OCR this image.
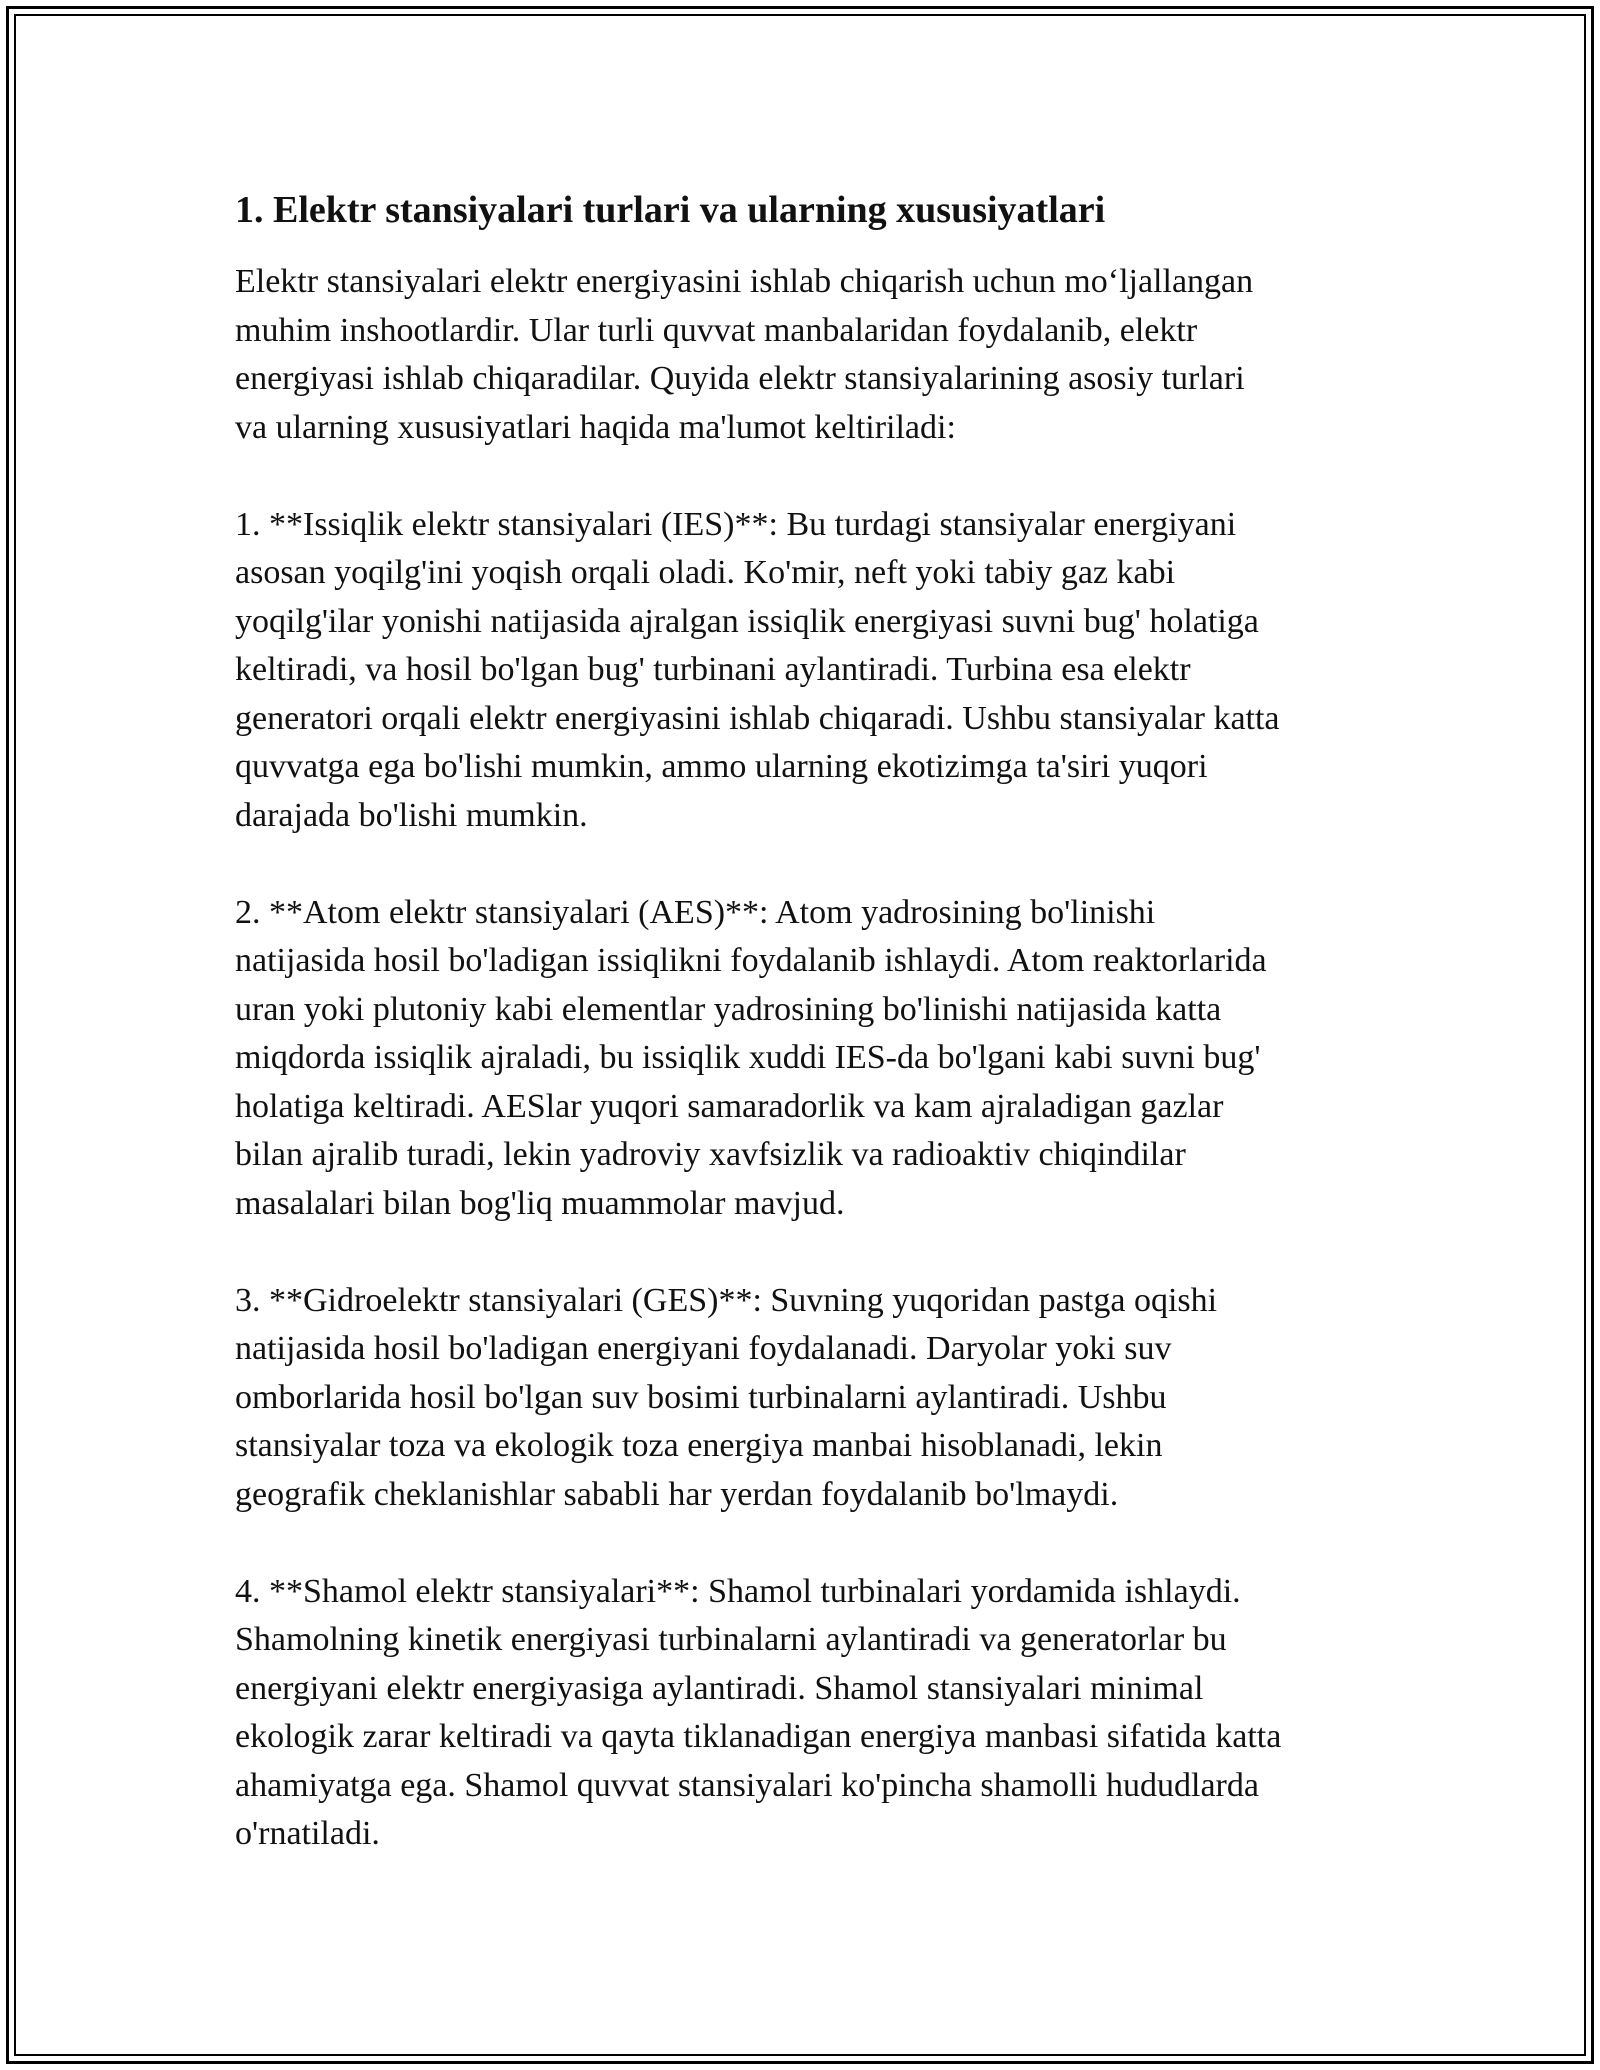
1. Elektr stansiyalari turlari va ularning xususiyatlari

Elektr stansiyalari elektr energiyasini ishlab chiqarish uchun mo‘ljallangan
muhim inshootlardir. Ular turli quvvat manbalaridan foydalanib, elektr
energiyasi ishlab chiqaradilar. Quyida elektr stansiyalarining asosiy turlari
va ularning xususiyatlari haqida ma'lumot keltiriladi:

1. **Issiqlik elektr stansiyalari (IES)**: Bu turdagi stansiyalar energiyani
asosan yoqilg'ini yoqish orqali oladi. Ko'mir, neft yoki tabiy gaz kabi
yoqilg'ilar yonishi natijasida ajralgan issiqlik energiyasi suvni bug' holatiga
keltiradi, va hosil bo'lgan bug' turbinani aylantiradi. Turbina esa elektr
generatori orqali elektr energiyasini ishlab chiqaradi. Ushbu stansiyalar katta
quvvatga ega bo'lishi mumkin, ammo ularning ekotizimga ta'siri yuqori
darajada bo'lishi mumkin.

2. **Atom elektr stansiyalari (AES)**: Atom yadrosining bo'linishi
natijasida hosil bo'ladigan issiqlikni foydalanib ishlaydi. Atom reaktorlarida
uran yoki plutoniy kabi elementlar yadrosining bo'linishi natijasida katta
miqdorda issiqlik ajraladi, bu issiqlik xuddi IES-da bo'lgani kabi suvni bug'
holatiga keltiradi. AESlar yuqori samaradorlik va kam ajraladigan gazlar
bilan ajralib turadi, lekin yadroviy xavfsizlik va radioaktiv chiqindilar
masalalari bilan bog'liq muammolar mavjud.

3. **Gidroelektr stansiyalari (GES)**: Suvning yuqoridan pastga oqishi
natijasida hosil bo'ladigan energiyani foydalanadi. Daryolar yoki suv
omborlarida hosil bo'lgan suv bosimi turbinalarni aylantiradi. Ushbu
stansiyalar toza va ekologik toza energiya manbai hisoblanadi, lekin
geografik cheklanishlar sababli har yerdan foydalanib bo'lmaydi.

4. **Shamol elektr stansiyalari**: Shamol turbinalari yordamida ishlaydi.
Shamolning kinetik energiyasi turbinalarni aylantiradi va generatorlar bu
energiyani elektr energiyasiga aylantiradi. Shamol stansiyalari minimal
ekologik zarar keltiradi va qayta tiklanadigan energiya manbasi sifatida katta
ahamiyatga ega. Shamol quvvat stansiyalari ko'pincha shamolli hududlarda
o'rnatiladi.
